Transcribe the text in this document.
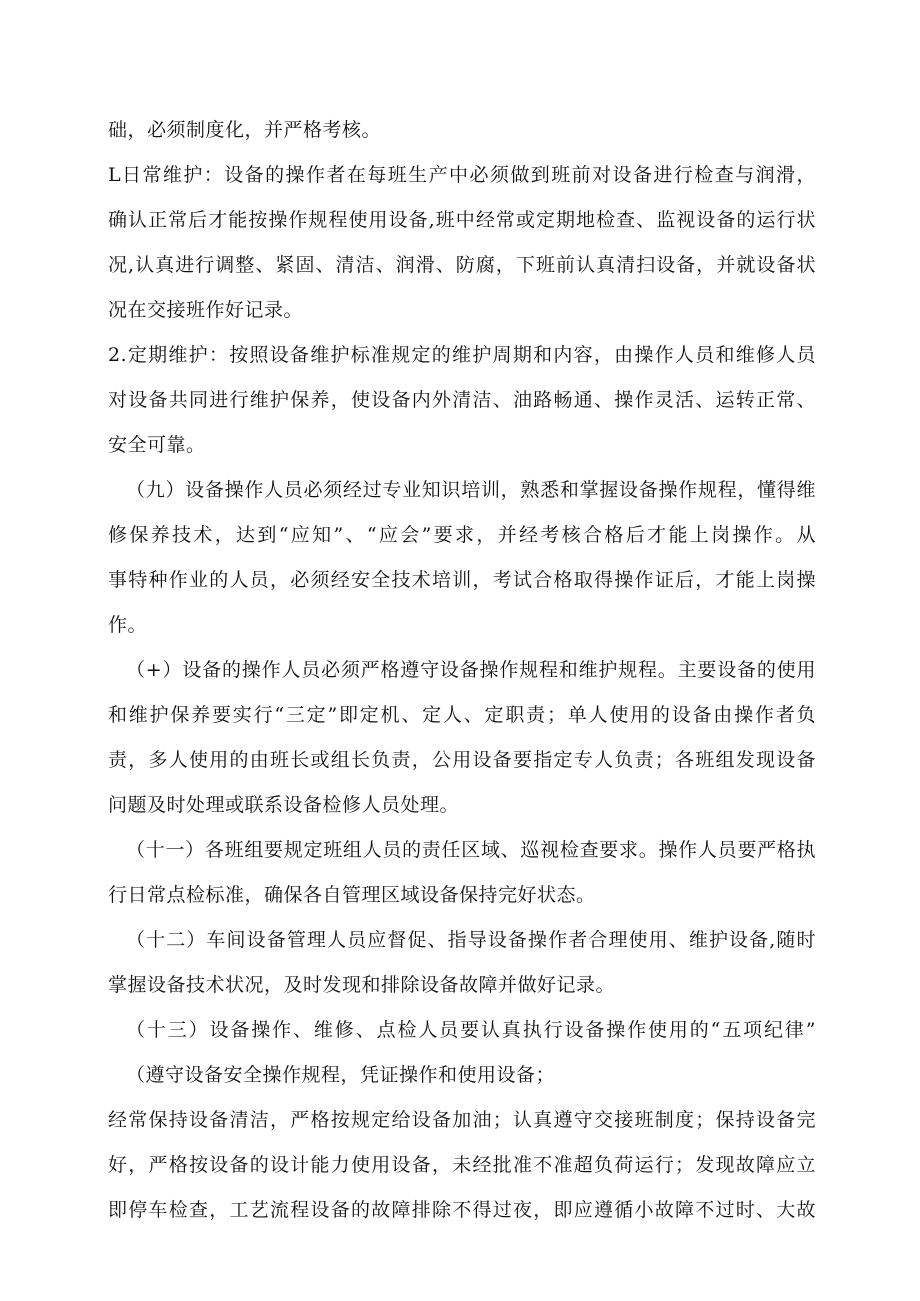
础，必须制度化，并严格考核。
L日常维护：设备的操作者在每班生产中必须做到班前对设备进行检查与润滑，
确认正常后才能按操作规程使用设备,班中经常或定期地检查、监视设备的运行状
况,认真进行调整、紧固、清洁、润滑、防腐，下班前认真清扫设备，并就设备状
况在交接班作好记录。
2.定期维护：按照设备维护标准规定的维护周期和内容，由操作人员和维修人员
对设备共同进行维护保养，使设备内外清洁、油路畅通、操作灵活、运转正常、
安全可靠。
（九）设备操作人员必须经过专业知识培训，熟悉和掌握设备操作规程，懂得维
修保养技术，达到“应知”、“应会”要求，并经考核合格后才能上岗操作。从
事特种作业的人员，必须经安全技术培训，考试合格取得操作证后，才能上岗操
作。
（+）设备的操作人员必须严格遵守设备操作规程和维护规程。主要设备的使用
和维护保养要实行“三定”即定机、定人、定职责；单人使用的设备由操作者负
责，多人使用的由班长或组长负责，公用设备要指定专人负责；各班组发现设备
问题及时处理或联系设备检修人员处理。
（十一）各班组要规定班组人员的责任区域、巡视检查要求。操作人员要严格执
行日常点检标准，确保各自管理区域设备保持完好状态。
（十二）车间设备管理人员应督促、指导设备操作者合理使用、维护设备,随时
掌握设备技术状况，及时发现和排除设备故障并做好记录。
（十三）设备操作、维修、点检人员要认真执行设备操作使用的“五项纪律”
（遵守设备安全操作规程，凭证操作和使用设备；
经常保持设备清洁，严格按规定给设备加油；认真遵守交接班制度；保持设备完
好，严格按设备的设计能力使用设备，未经批准不准超负荷运行；发现故障应立
即停车检查，工艺流程设备的故障排除不得过夜，即应遵循小故障不过时、大故
